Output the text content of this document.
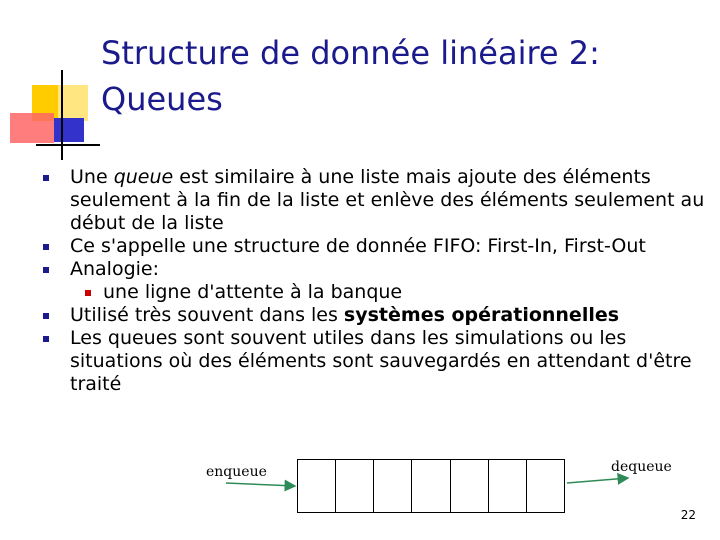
Structure de donnée linéaire 2:
Queues
Une queue est similaire à une liste mais ajoute des éléments seulement à la fin de la liste et enlève des éléments seulement au début de la liste
Ce s'appelle une structure de donnée FIFO: First-In, First-Out
Analogie:
une ligne d'attente à la banque
Utilisé très souvent dans les systèmes opérationnelles
Les queues sont souvent utiles dans les simulations ou les situations où des éléments sont sauvegardés en attendant d'être traité
enqueue	dequeue
22
